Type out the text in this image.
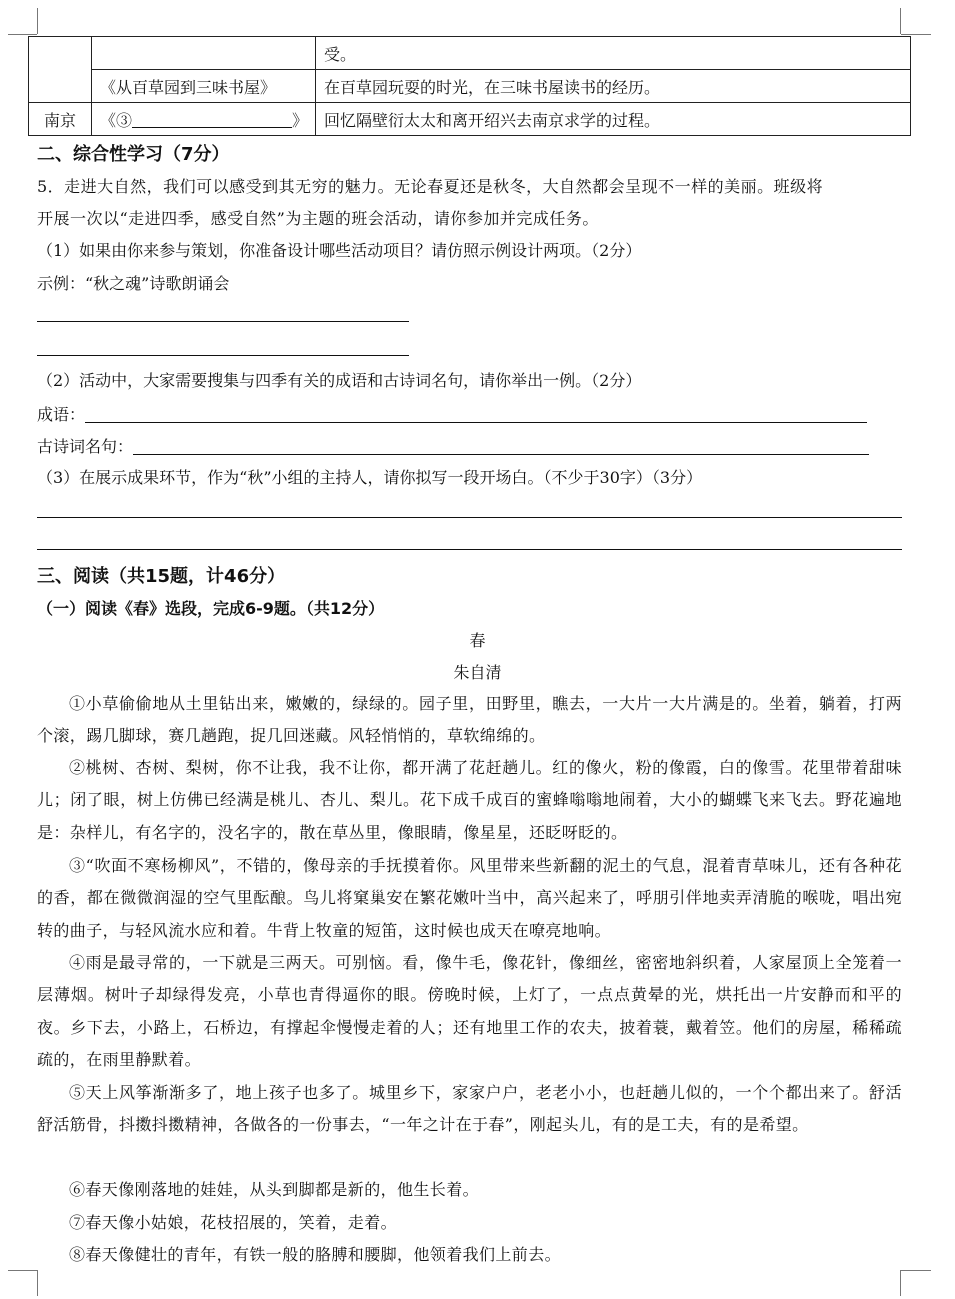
		受。
	《从百草园到三味书屋》	在百草园玩耍的时光，在三味书屋读书的经历。
南京	《③ 》	回忆隔壁衍太太和离开绍兴去南京求学的过程。
二、综合性学习（7分）
5．走进大自然，我们可以感受到其无穷的魅力。无论春夏还是秋冬，大自然都会呈现不一样的美丽。班级将
开展一次以“走进四季，感受自然”为主题的班会活动，请你参加并完成任务。
（1）如果由你来参与策划，你准备设计哪些活动项目？请仿照示例设计两项。（2分）
示例：“秋之魂”诗歌朗诵会
（2）活动中，大家需要搜集与四季有关的成语和古诗词名句，请你举出一例。（2分）
成语：
古诗词名句：
（3）在展示成果环节，作为“秋”小组的主持人，请你拟写一段开场白。（不少于30字）（3分）
三、阅读（共15题，计46分）
（一）阅读《春》选段，完成6-9题。（共12分）
春
朱自清
①小草偷偷地从土里钻出来，嫩嫩的，绿绿的。园子里，田野里，瞧去，一大片一大片满是的。坐着，躺着，打两个滚，踢几脚球，赛几趟跑，捉几回迷藏。风轻悄悄的，草软绵绵的。
②桃树、杏树、梨树，你不让我，我不让你，都开满了花赶趟儿。红的像火，粉的像霞，白的像雪。花里带着甜味儿；闭了眼，树上仿佛已经满是桃儿、杏儿、梨儿。花下成千成百的蜜蜂嗡嗡地闹着，大小的蝴蝶飞来飞去。野花遍地是：杂样儿，有名字的，没名字的，散在草丛里，像眼睛，像星星，还眨呀眨的。
③“吹面不寒杨柳风”，不错的，像母亲的手抚摸着你。风里带来些新翻的泥土的气息，混着青草味儿，还有各种花的香，都在微微润湿的空气里酝酿。鸟儿将窠巢安在繁花嫩叶当中，高兴起来了，呼朋引伴地卖弄清脆的喉咙，唱出宛转的曲子，与轻风流水应和着。牛背上牧童的短笛，这时候也成天在嘹亮地响。
④雨是最寻常的，一下就是三两天。可别恼。看，像牛毛，像花针，像细丝，密密地斜织着，人家屋顶上全笼着一层薄烟。树叶子却绿得发亮，小草也青得逼你的眼。傍晚时候，上灯了，一点点黄晕的光，烘托出一片安静而和平的夜。乡下去，小路上，石桥边，有撑起伞慢慢走着的人；还有地里工作的农夫，披着蓑，戴着笠。他们的房屋，稀稀疏疏的，在雨里静默着。
⑤天上风筝渐渐多了，地上孩子也多了。城里乡下，家家户户，老老小小，也赶趟儿似的，一个个都出来了。舒活舒活筋骨，抖擞抖擞精神，各做各的一份事去，“一年之计在于春”，刚起头儿，有的是工夫，有的是希望。
⑥春天像刚落地的娃娃，从头到脚都是新的，他生长着。
⑦春天像小姑娘，花枝招展的，笑着，走着。
⑧春天像健壮的青年，有铁一般的胳膊和腰脚，他领着我们上前去。
